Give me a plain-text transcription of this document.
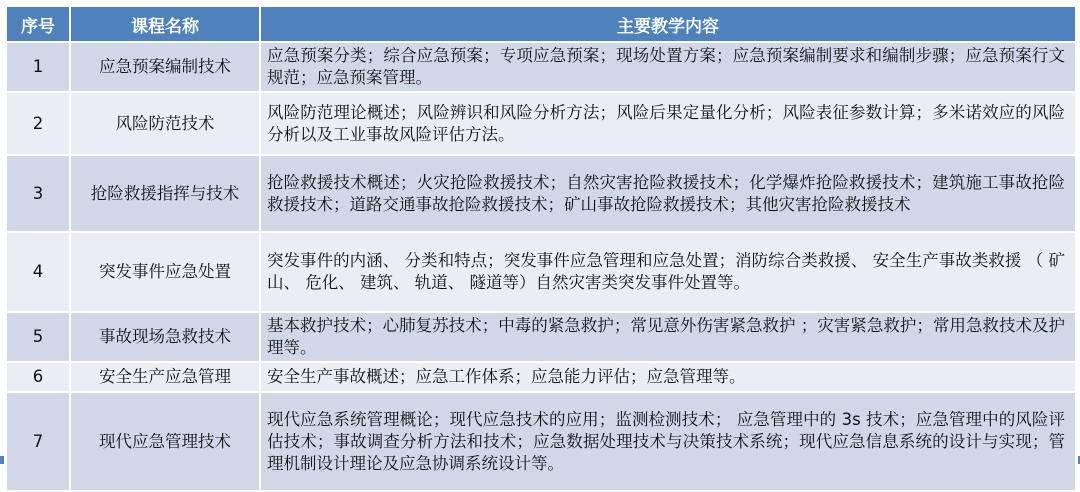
序号	课程名称	主要教学内容
1	应急预案编制技术	应急预案分类；综合应急预案；专项应急预案；现场处置方案；应急预案编制要求和编制步骤；应急预案行文规范；应急预案管理。
2	风险防范技术	风险防范理论概述；风险辨识和风险分析方法；风险后果定量化分析；风险表征参数计算；多米诺效应的风险分析以及工业事故风险评估方法。
3	抢险救援指挥与技术	抢险救援技术概述；火灾抢险救援技术；自然灾害抢险救援技术；化学爆炸抢险救援技术；建筑施工事故抢险救援技术；道路交通事故抢险救援技术；矿山事故抢险救援技术；其他灾害抢险救援技术
4	突发事件应急处置	突发事件的内涵、 分类和特点；突发事件应急管理和应急处置；消防综合类救援、 安全生产事故类救援 （ 矿山、 危化、 建筑、 轨道、 隧道等）自然灾害类突发事件处置等。
5	事故现场急救技术	基本救护技术；心肺复苏技术；中毒的紧急救护；常见意外伤害紧急救护 ；灾害紧急救护；常用急救技术及护理等。
6	安全生产应急管理	安全生产事故概述；应急工作体系；应急能力评估；应急管理等。
7	现代应急管理技术	现代应急系统管理概论；现代应急技术的应用；监测检测技术； 应急管理中的 3s 技术；应急管理中的风险评估技术；事故调查分析方法和技术；应急数据处理技术与决策技术系统；现代应急信息系统的设计与实现；管理机制设计理论及应急协调系统设计等。
